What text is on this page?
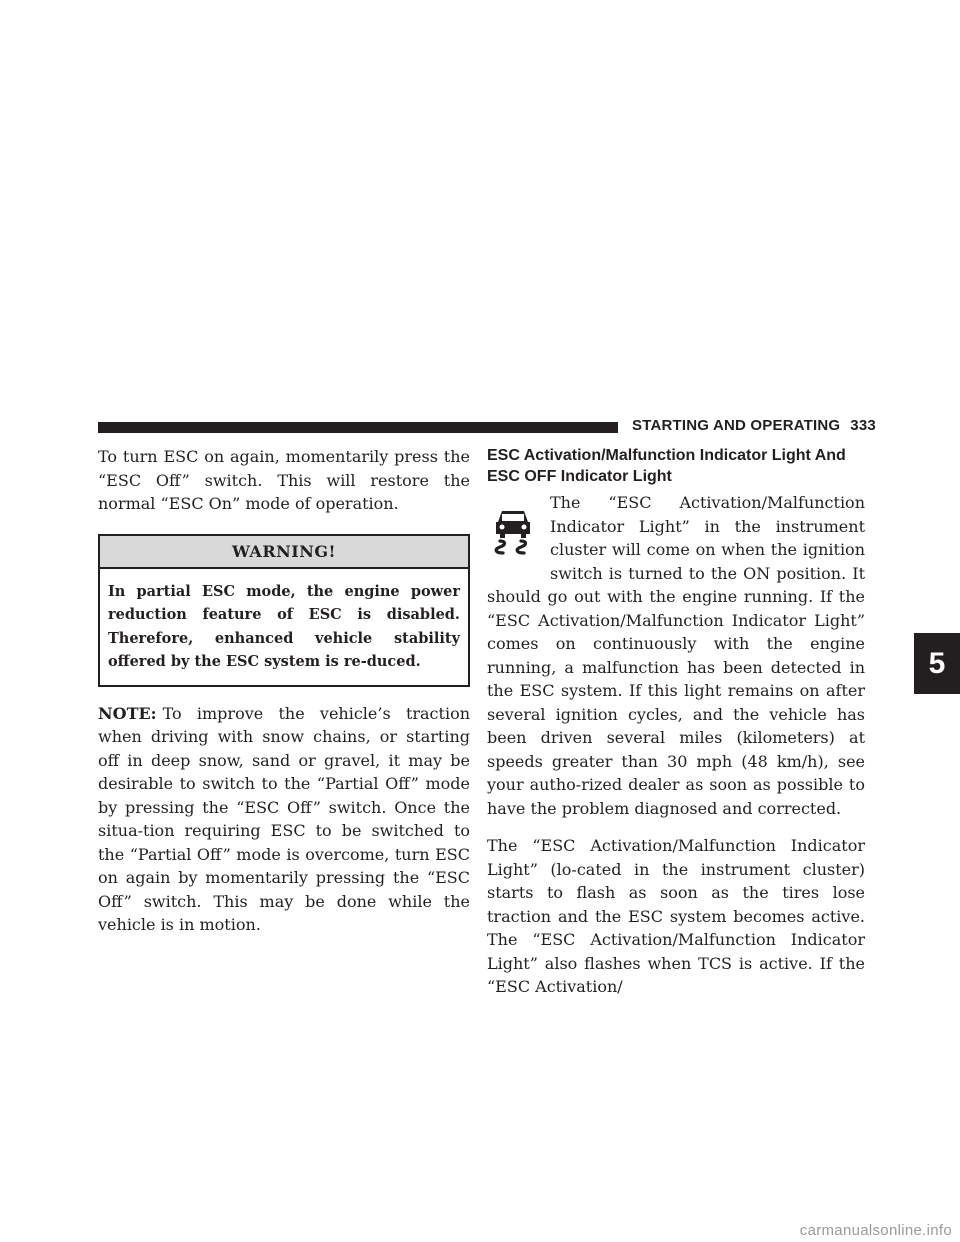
STARTING AND OPERATING 333

To turn ESC on again, momentarily press the “ESC Off” switch. This will restore the normal “ESC On” mode of operation.

WARNING!
In partial ESC mode, the engine power reduction feature of ESC is disabled. Therefore, enhanced vehicle stability offered by the ESC system is re-duced.

NOTE: To improve the vehicle’s traction when driving with snow chains, or starting off in deep snow, sand or gravel, it may be desirable to switch to the “Partial Off” mode by pressing the “ESC Off” switch. Once the situa-tion requiring ESC to be switched to the “Partial Off” mode is overcome, turn ESC on again by momentarily pressing the “ESC Off” switch. This may be done while the vehicle is in motion.

ESC Activation/Malfunction Indicator Light And ESC OFF Indicator Light

The “ESC Activation/Malfunction Indicator Light” in the instrument cluster will come on when the ignition switch is turned to the ON position. It should go out with the engine running. If the “ESC Activation/Malfunction Indicator Light” comes on continuously with the engine running, a malfunction has been detected in the ESC system. If this light remains on after several ignition cycles, and the vehicle has been driven several miles (kilometers) at speeds greater than 30 mph (48 km/h), see your autho-rized dealer as soon as possible to have the problem diagnosed and corrected.

The “ESC Activation/Malfunction Indicator Light” (lo-cated in the instrument cluster) starts to flash as soon as the tires lose traction and the ESC system becomes active. The “ESC Activation/Malfunction Indicator Light” also flashes when TCS is active. If the “ESC Activation/

5
carmanualsonline.info
